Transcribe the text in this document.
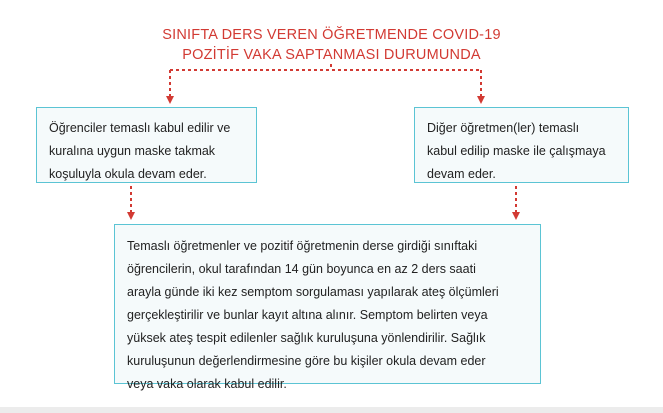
SINIFTA DERS VEREN ÖĞRETMENDE COVID-19
POZİTİF VAKA SAPTANMASI DURUMUNDA

Öğrenciler temaslı kabul edilir ve

kuralına uygun maske takmak

koşuluyla okula devam eder.

Diğer öğretmen(ler) temaslı

kabul edilip maske ile çalışmaya

devam eder.

Temaslı öğretmenler ve pozitif öğretmenin derse girdiği sınıftaki

öğrencilerin, okul tarafından 14 gün boyunca en az 2 ders saati

arayla günde iki kez semptom sorgulaması yapılarak ateş ölçümleri

gerçekleştirilir ve bunlar kayıt altına alınır. Semptom belirten veya

yüksek ateş tespit edilenler sağlık kuruluşuna yönlendirilir. Sağlık

kuruluşunun değerlendirmesine göre bu kişiler okula devam eder

veya vaka olarak kabul edilir.
